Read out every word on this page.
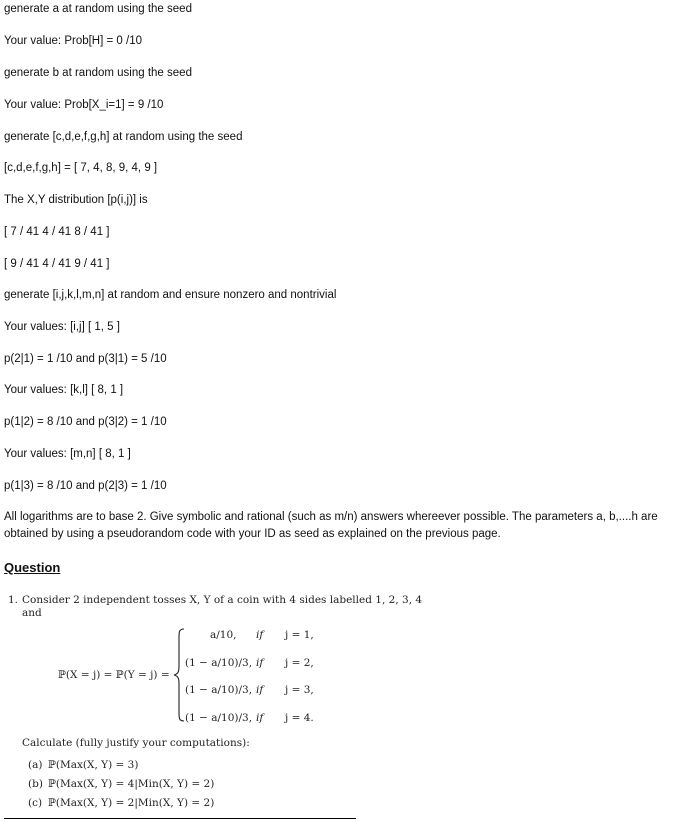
generate a at random using the seed
Your value: Prob[H] = 0 /10
generate b at random using the seed
Your value: Prob[X_i=1] = 9 /10
generate [c,d,e,f,g,h] at random using the seed
[c,d,e,f,g,h] = [ 7, 4, 8, 9, 4, 9 ]
The X,Y distribution [p(i,j)] is
[ 7 / 41 4 / 41 8 / 41 ]
[ 9 / 41 4 / 41 9 / 41 ]
generate [i,j,k,l,m,n] at random and ensure nonzero and nontrivial
Your values: [i,j] [ 1, 5 ]
p(2|1) = 1 /10 and p(3|1) = 5 /10
Your values: [k,l] [ 8, 1 ]
p(1|2) = 8 /10 and p(3|2) = 1 /10
Your values: [m,n] [ 8, 1 ]
p(1|3) = 8 /10 and p(2|3) = 1 /10
All logarithms are to base 2. Give symbolic and rational (such as m/n) answers whereever possible. The parameters a, b,....h are obtained by using a pseudorandom code with your ID as seed as explained on the previous page.
Question
1. Consider 2 independent tosses X, Y of a coin with 4 sides labelled 1, 2, 3, 4
and
ℙ(X = j) = ℙ(Y = j) =
a/10, if j = 1,
(1 − a/10)/3, if j = 2,
(1 − a/10)/3, if j = 3,
(1 − a/10)/3, if j = 4.
Calculate (fully justify your computations):
(a) ℙ(Max(X, Y) = 3)
(b) ℙ(Max(X, Y) = 4|Min(X, Y) = 2)
(c) ℙ(Max(X, Y) = 2|Min(X, Y) = 2)
